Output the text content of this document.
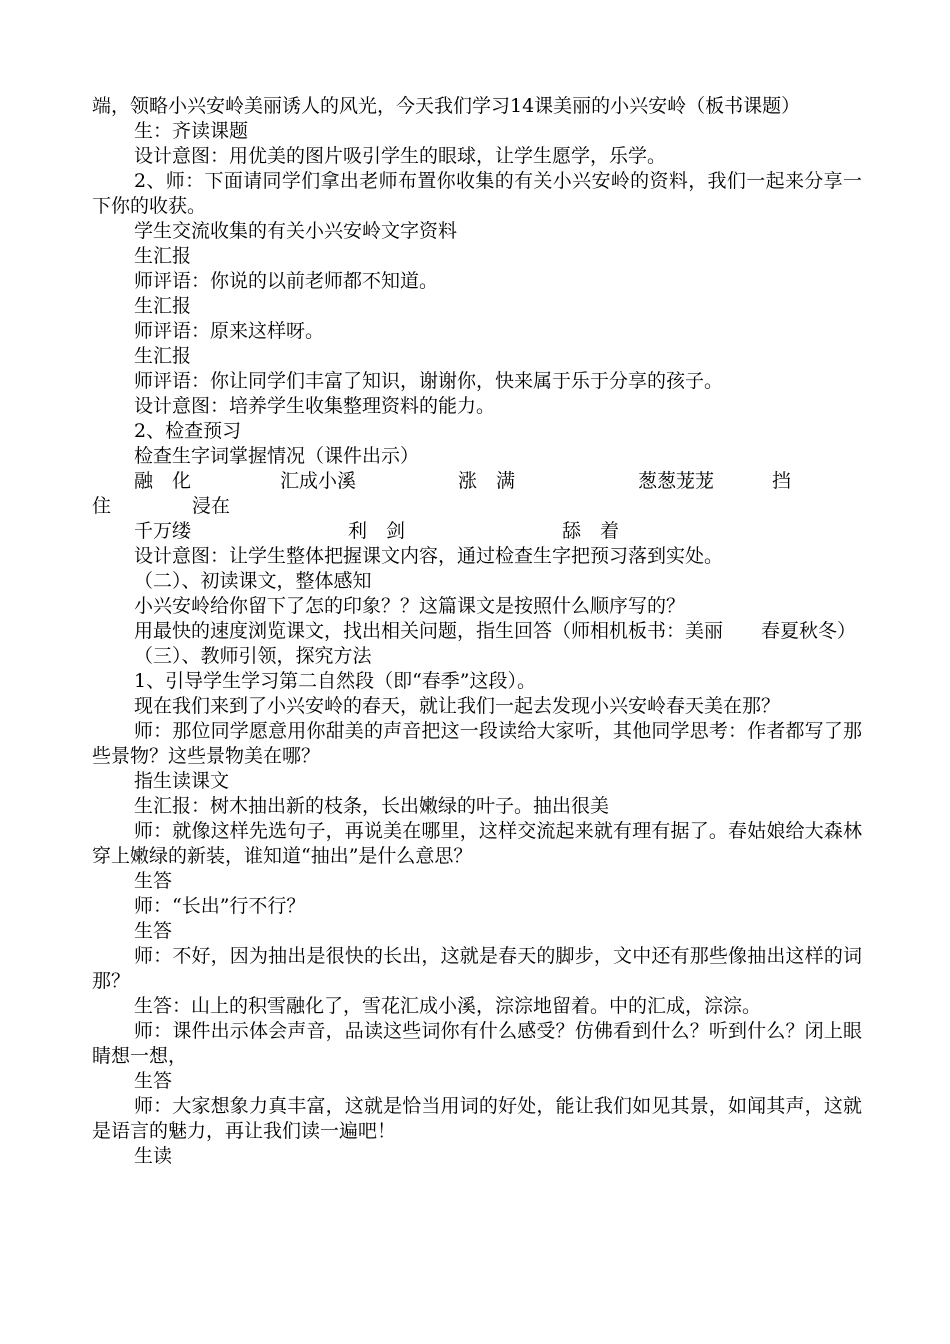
端，领略小兴安岭美丽诱人的风光，今天我们学习14课美丽的小兴安岭（板书课题）

生：齐读课题

设计意图：用优美的图片吸引学生的眼球，让学生愿学，乐学。

2、师：下面请同学们拿出老师布置你收集的有关小兴安岭的资料，我们一起来分享一下你的收获。

学生交流收集的有关小兴安岭文字资料

生汇报

师评语：你说的以前老师都不知道。

生汇报

师评语：原来这样呀。

生汇报

师评语：你让同学们丰富了知识，谢谢你，快来属于乐于分享的孩子。

设计意图：培养学生收集整理资料的能力。

2、检查预习

检查生字词掌握情况（课件出示）

融　化	汇成小溪	涨　满	葱葱茏茏	挡
住	浸在
千万缕	利　剑	舔　着

设计意图：让学生整体把握课文内容，通过检查生字把预习落到实处。

（二）、初读课文，整体感知

小兴安岭给你留下了怎的印象？？这篇课文是按照什么顺序写的？

用最快的速度浏览课文，找出相关问题，指生回答（师相机板书：美丽　　春夏秋冬）

（三）、教师引领，探究方法

1、引导学生学习第二自然段（即“春季”这段）。

现在我们来到了小兴安岭的春天，就让我们一起去发现小兴安岭春天美在那？

师：那位同学愿意用你甜美的声音把这一段读给大家听，其他同学思考：作者都写了那些景物？这些景物美在哪？

指生读课文

生汇报：树木抽出新的枝条，长出嫩绿的叶子。抽出很美

师：就像这样先选句子，再说美在哪里，这样交流起来就有理有据了。春姑娘给大森林穿上嫩绿的新装，谁知道“抽出”是什么意思？

生答

师：“长出”行不行？

生答

师：不好，因为抽出是很快的长出，这就是春天的脚步，文中还有那些像抽出这样的词那？

生答：山上的积雪融化了，雪花汇成小溪，淙淙地留着。中的汇成，淙淙。

师：课件出示体会声音，品读这些词你有什么感受？仿佛看到什么？听到什么？闭上眼睛想一想，

生答

师：大家想象力真丰富，这就是恰当用词的好处，能让我们如见其景，如闻其声，这就是语言的魅力，再让我们读一遍吧！

生读
